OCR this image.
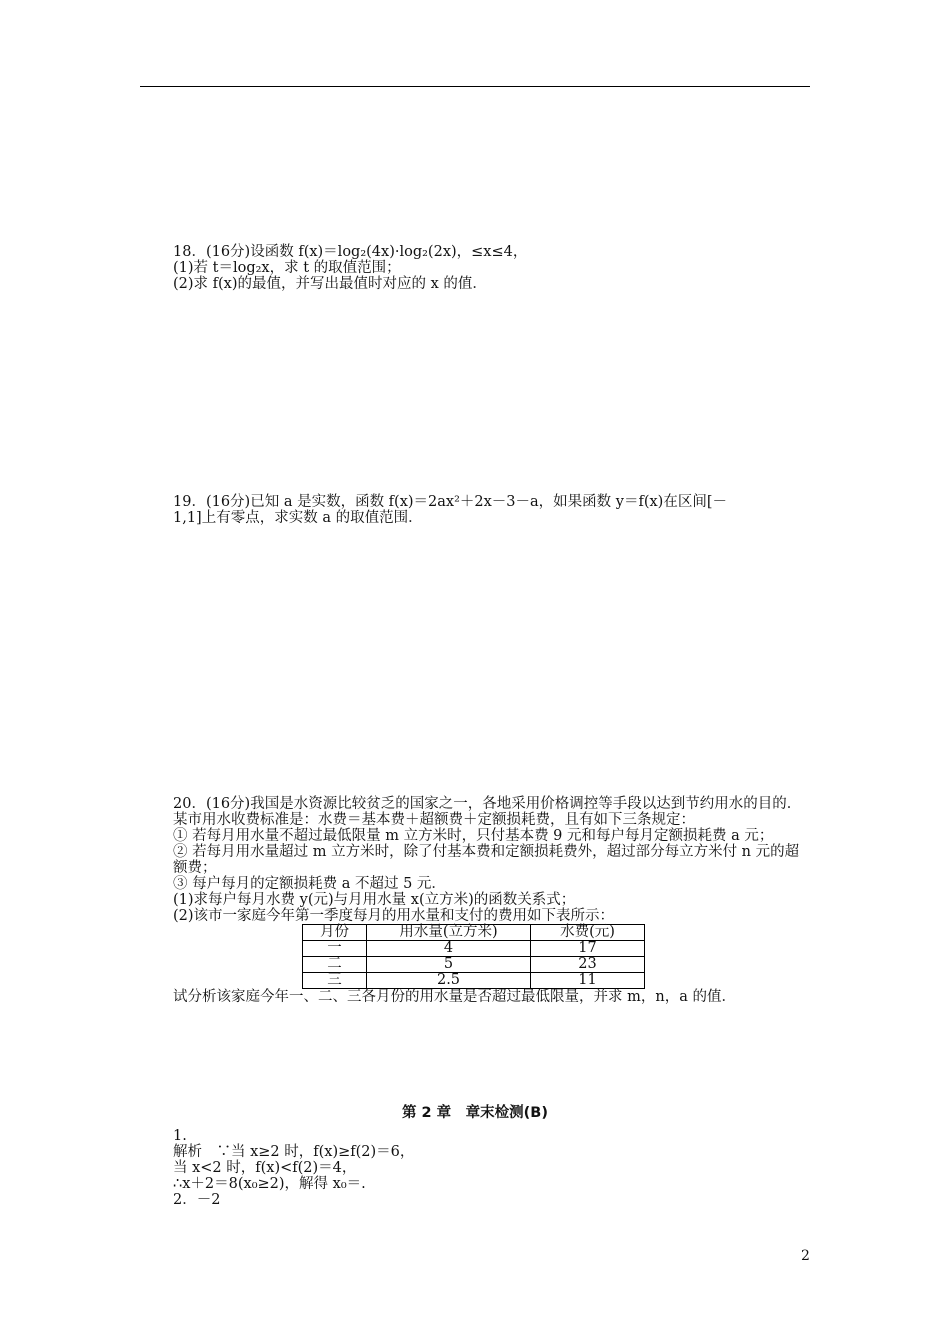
18．(16分)设函数 f(x)＝log₂(4x)·log₂(2x)，≤x≤4，
(1)若 t＝log₂x，求 t 的取值范围；
(2)求 f(x)的最值，并写出最值时对应的 x 的值．
19．(16分)已知 a 是实数，函数 f(x)＝2ax²＋2x－3－a，如果函数 y＝f(x)在区间[－
1,1]上有零点，求实数 a 的取值范围．
20．(16分)我国是水资源比较贫乏的国家之一，各地采用价格调控等手段以达到节约用水的目的．某市用水收费标准是：水费＝基本费＋超额费＋定额损耗费，且有如下三条规定：
① 若每月用水量不超过最低限量 m 立方米时，只付基本费 9 元和每户每月定额损耗费 a 元；
② 若每月用水量超过 m 立方米时，除了付基本费和定额损耗费外，超过部分每立方米付 n 元的超额费；
③ 每户每月的定额损耗费 a 不超过 5 元．
(1)求每户每月水费 y(元)与月用水量 x(立方米)的函数关系式；
(2)该市一家庭今年第一季度每月的用水量和支付的费用如下表所示：
月份	用水量(立方米)	水费(元)
一	4	17
二	5	23
三	2.5	11
试分析该家庭今年一、二、三各月份的用水量是否超过最低限量，并求 m，n，a 的值．
第 2 章　章末检测(B)
1.
解析　∵当 x≥2 时，f(x)≥f(2)＝6，
当 x<2 时，f(x)<f(2)＝4，
∴x＋2＝8(x₀≥2)，解得 x₀＝.
2．－2
2
